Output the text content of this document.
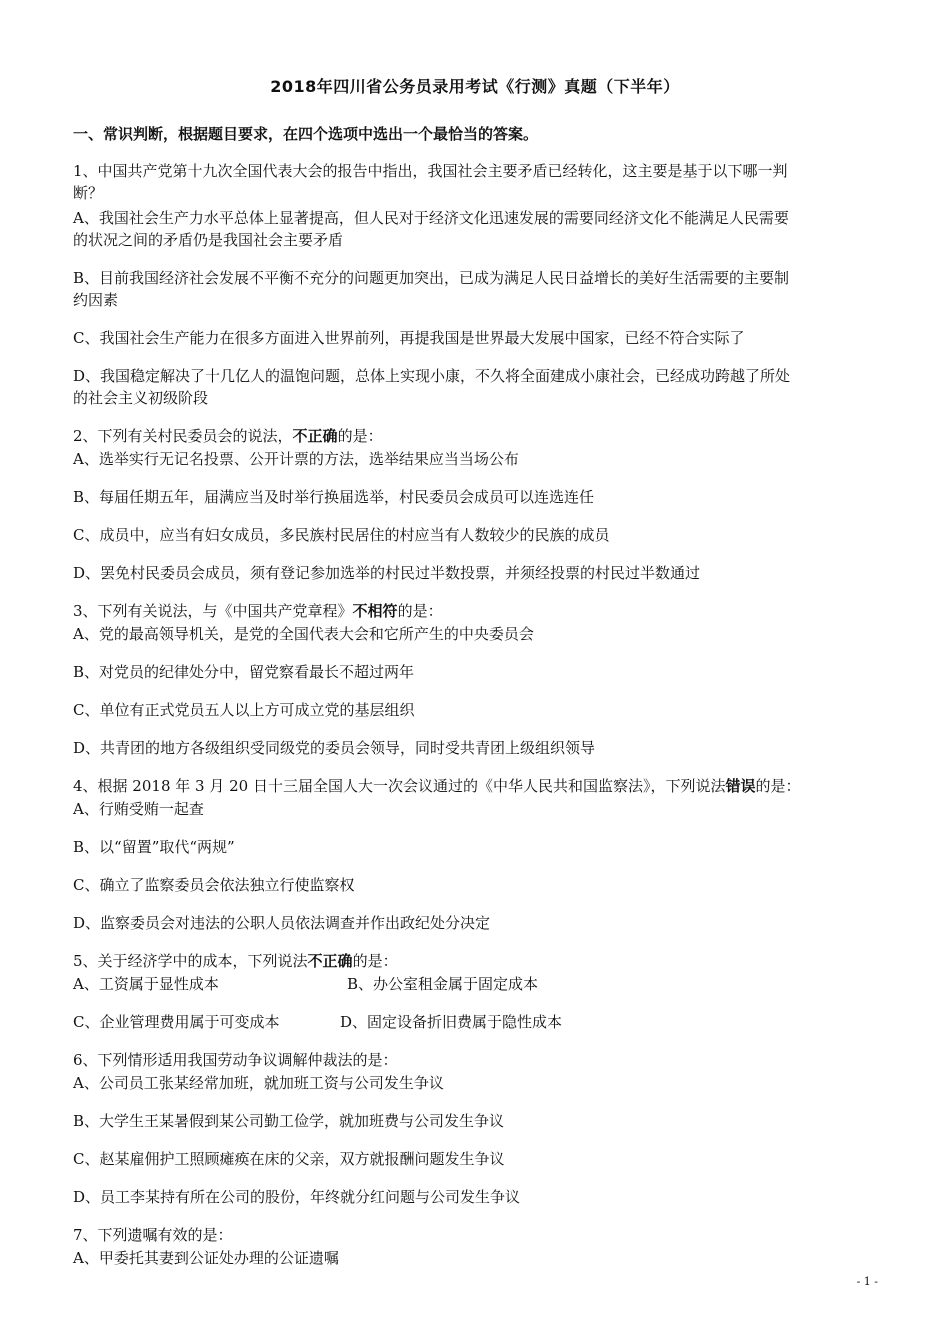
2018年四川省公务员录用考试《行测》真题（下半年）
一、常识判断，根据题目要求，在四个选项中选出一个最恰当的答案。
1、中国共产党第十九次全国代表大会的报告中指出，我国社会主要矛盾已经转化，这主要是基于以下哪一判
断？
A、我国社会生产力水平总体上显著提高，但人民对于经济文化迅速发展的需要同经济文化不能满足人民需要
的状况之间的矛盾仍是我国社会主要矛盾
B、目前我国经济社会发展不平衡不充分的问题更加突出，已成为满足人民日益增长的美好生活需要的主要制
约因素
C、我国社会生产能力在很多方面进入世界前列，再提我国是世界最大发展中国家，已经不符合实际了
D、我国稳定解决了十几亿人的温饱问题，总体上实现小康，不久将全面建成小康社会，已经成功跨越了所处
的社会主义初级阶段
2、下列有关村民委员会的说法，不正确的是：
A、选举实行无记名投票、公开计票的方法，选举结果应当当场公布
B、每届任期五年，届满应当及时举行换届选举，村民委员会成员可以连选连任
C、成员中，应当有妇女成员，多民族村民居住的村应当有人数较少的民族的成员
D、罢免村民委员会成员，须有登记参加选举的村民过半数投票，并须经投票的村民过半数通过
3、下列有关说法，与《中国共产党章程》不相符的是：
A、党的最高领导机关，是党的全国代表大会和它所产生的中央委员会
B、对党员的纪律处分中，留党察看最长不超过两年
C、单位有正式党员五人以上方可成立党的基层组织
D、共青团的地方各级组织受同级党的委员会领导，同时受共青团上级组织领导
4、根据 2018 年 3 月 20 日十三届全国人大一次会议通过的《中华人民共和国监察法》，下列说法错误的是：
A、行贿受贿一起查
B、以“留置”取代“两规”
C、确立了监察委员会依法独立行使监察权
D、监察委员会对违法的公职人员依法调查并作出政纪处分决定
5、关于经济学中的成本，下列说法不正确的是：
A、工资属于显性成本	B、办公室租金属于固定成本
C、企业管理费用属于可变成本	D、固定设备折旧费属于隐性成本
6、下列情形适用我国劳动争议调解仲裁法的是：
A、公司员工张某经常加班，就加班工资与公司发生争议
B、大学生王某暑假到某公司勤工俭学，就加班费与公司发生争议
C、赵某雇佣护工照顾瘫痪在床的父亲，双方就报酬问题发生争议
D、员工李某持有所在公司的股份，年终就分红问题与公司发生争议
7、下列遗嘱有效的是：
A、甲委托其妻到公证处办理的公证遗嘱
- 1 -
